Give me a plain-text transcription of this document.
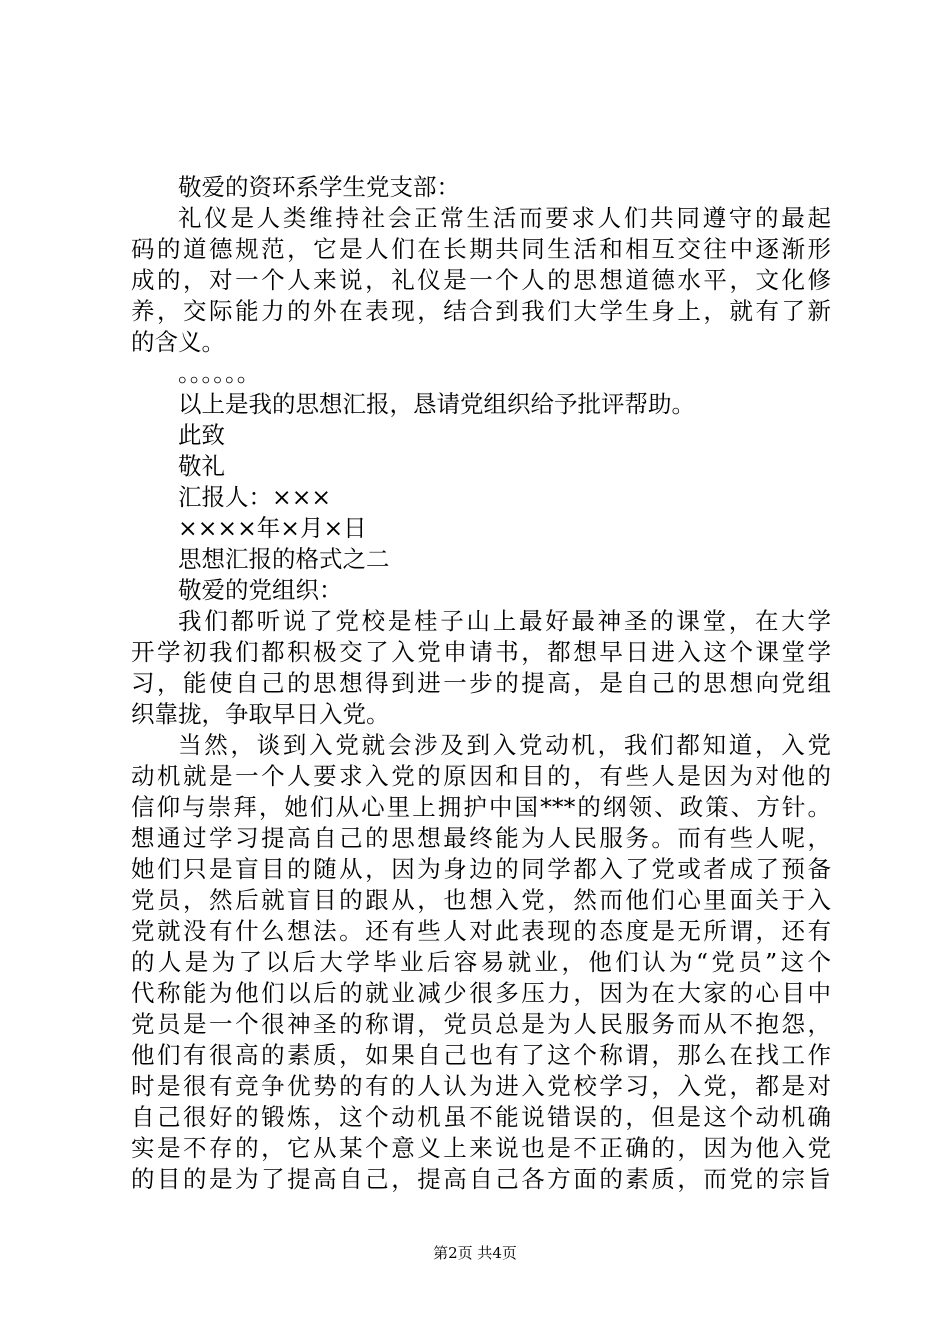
敬爱的资环系学生党支部：
礼仪是人类维持社会正常生活而要求人们共同遵守的最起
码的道德规范，它是人们在长期共同生活和相互交往中逐渐形
成的，对一个人来说，礼仪是一个人的思想道德水平，文化修
养，交际能力的外在表现，结合到我们大学生身上，就有了新
的含义。
。。。。。。
以上是我的思想汇报，恳请党组织给予批评帮助。
此致
敬礼
汇报人：×××
××××年×月×日
思想汇报的格式之二
敬爱的党组织：
我们都听说了党校是桂子山上最好最神圣的课堂，在大学
开学初我们都积极交了入党申请书，都想早日进入这个课堂学
习，能使自己的思想得到进一步的提高，是自己的思想向党组
织靠拢，争取早日入党。
当然，谈到入党就会涉及到入党动机，我们都知道，入党
动机就是一个人要求入党的原因和目的，有些人是因为对他的
信仰与崇拜，她们从心里上拥护中国***的纲领、政策、方针。
想通过学习提高自己的思想最终能为人民服务。而有些人呢，
她们只是盲目的随从，因为身边的同学都入了党或者成了预备
党员，然后就盲目的跟从，也想入党，然而他们心里面关于入
党就没有什么想法。还有些人对此表现的态度是无所谓，还有
的人是为了以后大学毕业后容易就业，他们认为“党员”这个
代称能为他们以后的就业减少很多压力，因为在大家的心目中
党员是一个很神圣的称谓，党员总是为人民服务而从不抱怨，
他们有很高的素质，如果自己也有了这个称谓，那么在找工作
时是很有竞争优势的有的人认为进入党校学习，入党，都是对
自己很好的锻炼，这个动机虽不能说错误的，但是这个动机确
实是不存的，它从某个意义上来说也是不正确的，因为他入党
的目的是为了提高自己，提高自己各方面的素质，而党的宗旨
第2页 共4页
